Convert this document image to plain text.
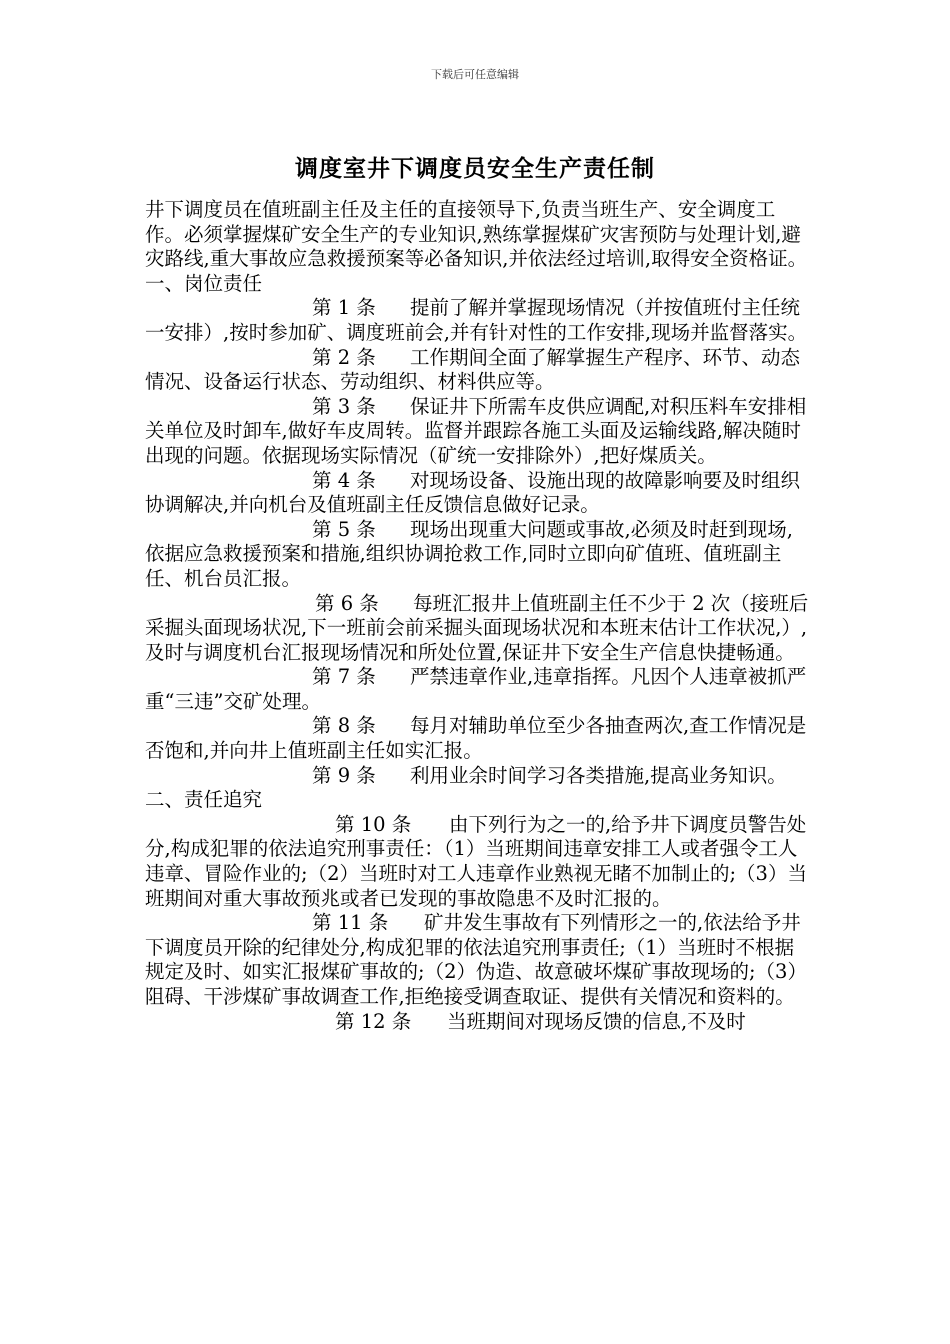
下载后可任意编辑
调度室井下调度员安全生产责任制

井下调度员在值班副主任及主任的直接领导下,负责当班生产、安全调度工作。必须掌握煤矿安全生产的专业知识,熟练掌握煤矿灾害预防与处理计划,避灾路线,重大事故应急救援预案等必备知识,并依法经过培训,取得安全资格证。

一、岗位责任

第 1 条 提前了解并掌握现场情况（并按值班付主任统一安排）,按时参加矿、调度班前会,并有针对性的工作安排,现场并监督落实。

第 2 条 工作期间全面了解掌握生产程序、环节、动态情况、设备运行状态、劳动组织、材料供应等。

第 3 条 保证井下所需车皮供应调配,对积压料车安排相关单位及时卸车,做好车皮周转。监督并跟踪各施工头面及运输线路,解决随时出现的问题。依据现场实际情况（矿统一安排除外）,把好煤质关。

第 4 条 对现场设备、设施出现的故障影响要及时组织协调解决,并向机台及值班副主任反馈信息做好记录。

第 5 条 现场出现重大问题或事故,必须及时赶到现场,依据应急救援预案和措施,组织协调抢救工作,同时立即向矿值班、值班副主任、机台员汇报。

第 6 条 每班汇报井上值班副主任不少于 2 次（接班后采掘头面现场状况,下一班前会前采掘头面现场状况和本班末估计工作状况,）,及时与调度机台汇报现场情况和所处位置,保证井下安全生产信息快捷畅通。

第 7 条 严禁违章作业,违章指挥。凡因个人违章被抓严重“三违”交矿处理。

第 8 条 每月对辅助单位至少各抽查两次,查工作情况是否饱和,并向井上值班副主任如实汇报。

第 9 条 利用业余时间学习各类措施,提高业务知识。

二、责任追究

第 10 条 由下列行为之一的,给予井下调度员警告处分,构成犯罪的依法追究刑事责任：（1）当班期间违章安排工人或者强令工人违章、冒险作业的;（2）当班时对工人违章作业熟视无睹不加制止的;（3）当班期间对重大事故预兆或者已发现的事故隐患不及时汇报的。

第 11 条 矿井发生事故有下列情形之一的,依法给予井下调度员开除的纪律处分,构成犯罪的依法追究刑事责任;（1）当班时不根据规定及时、如实汇报煤矿事故的;（2）伪造、故意破坏煤矿事故现场的;（3）阻碍、干涉煤矿事故调查工作,拒绝接受调查取证、提供有关情况和资料的。

第 12 条 当班期间对现场反馈的信息,不及时
